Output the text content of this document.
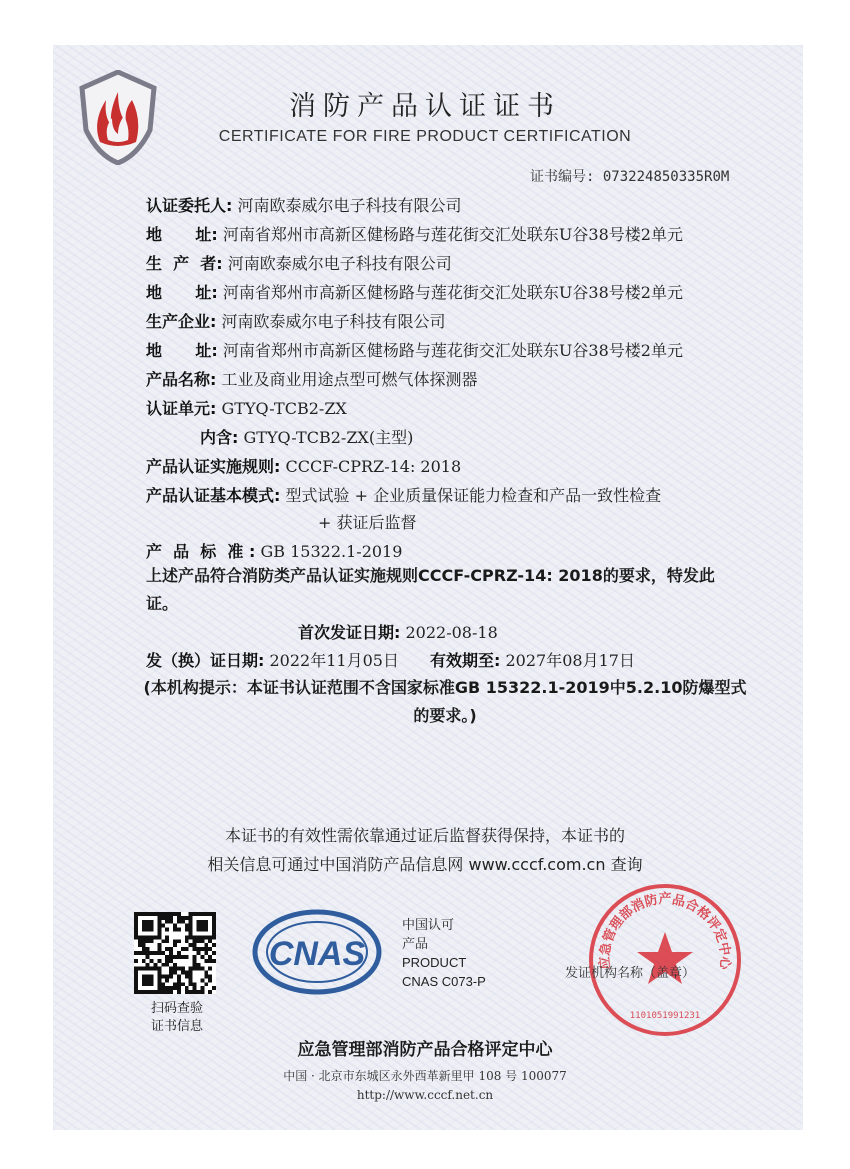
消防产品认证证书
CERTIFICATE FOR FIRE PRODUCT CERTIFICATION
证书编号: 073224850335R0M
认证委托人: 河南欧泰威尔电子科技有限公司
地      址: 河南省郑州市高新区健杨路与莲花街交汇处联东U谷38号楼2单元
生  产  者: 河南欧泰威尔电子科技有限公司
地      址: 河南省郑州市高新区健杨路与莲花街交汇处联东U谷38号楼2单元
生产企业: 河南欧泰威尔电子科技有限公司
地      址: 河南省郑州市高新区健杨路与莲花街交汇处联东U谷38号楼2单元
产品名称: 工业及商业用途点型可燃气体探测器
认证单元: GTYQ-TCB2-ZX
内含: GTYQ-TCB2-ZX(主型)
产品认证实施规则: CCCF-CPRZ-14: 2018
产品认证基本模式: 型式试验 + 企业质量保证能力检查和产品一致性检查
+ 获证后监督
产  品  标  准 : GB 15322.1-2019
上述产品符合消防类产品认证实施规则CCCF-CPRZ-14: 2018的要求，特发此证。
首次发证日期: 2022-08-18
发（换）证日期: 2022年11月05日 有效期至: 2027年08月17日
(本机构提示：本证书认证范围不含国家标准GB 15322.1-2019中5.2.10防爆型式
的要求。)
本证书的有效性需依靠通过证后监督获得保持，本证书的
相关信息可通过中国消防产品信息网 www.cccf.com.cn 查询
扫码查验
证书信息
CNAS
中国认可
产品
PRODUCT
CNAS C073-P
应急管理部消防产品合格评定中心
1101051991231
发证机构名称（盖章）
应急管理部消防产品合格评定中心
中国 · 北京市东城区永外西革新里甲 108 号 100077
http://www.cccf.net.cn
